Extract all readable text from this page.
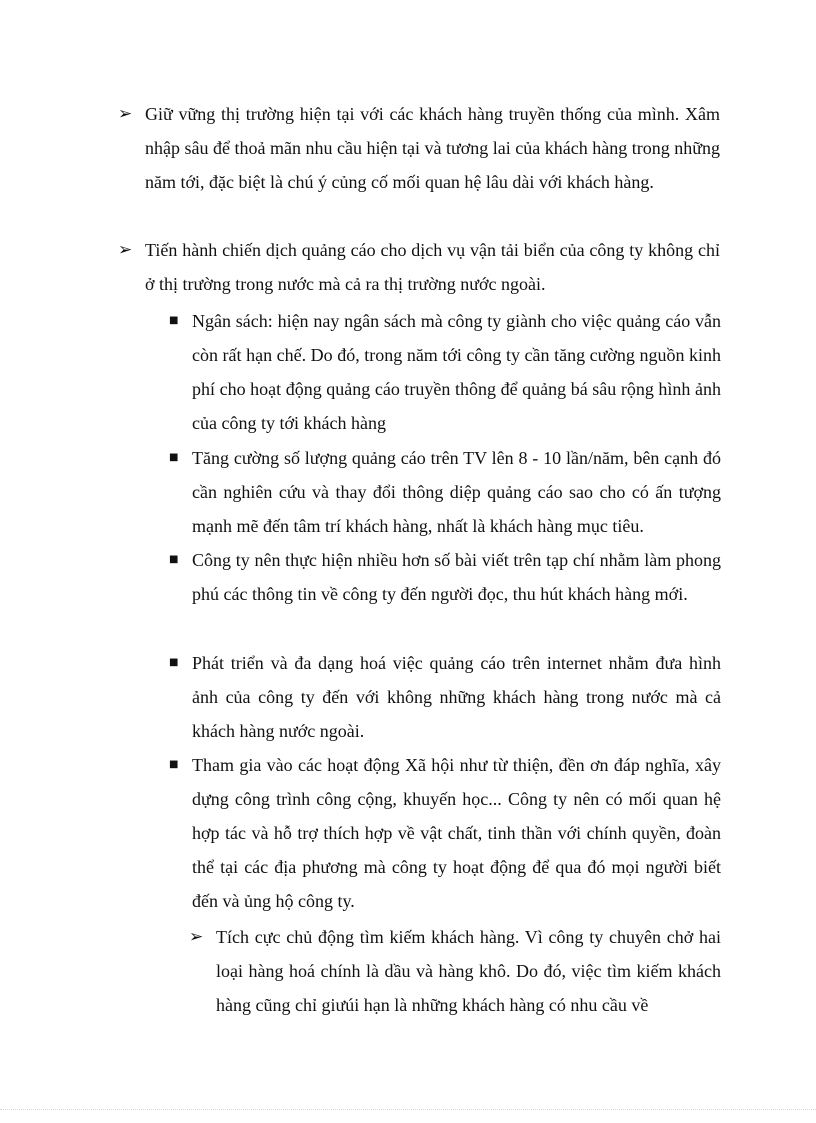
➢ Giữ vững thị trường hiện tại với các khách hàng truyền thống của mình. Xâm nhập sâu để thoả mãn nhu cầu hiện tại và tương lai của khách hàng trong những năm tới, đặc biệt là chú ý củng cố mối quan hệ lâu dài với khách hàng.
➢ Tiến hành chiến dịch quảng cáo cho dịch vụ vận tải biển của công ty không chỉ ở thị trường trong nước mà cả ra thị trường nước ngoài.
■ Ngân sách: hiện nay ngân sách mà công ty giành cho việc quảng cáo vẫn còn rất hạn chế. Do đó, trong năm tới công ty cần tăng cường nguồn kinh phí cho hoạt động quảng cáo truyền thông để quảng bá sâu rộng hình ảnh của công ty tới khách hàng
■ Tăng cường số lượng quảng cáo trên TV lên 8 - 10 lần/năm, bên cạnh đó cần nghiên cứu và thay đổi thông diệp quảng cáo sao cho có ấn tượng mạnh mẽ đến tâm trí khách hàng, nhất là khách hàng mục tiêu.
■ Công ty nên thực hiện nhiều hơn số bài viết trên tạp chí nhằm làm phong phú các thông tin về công ty đến người đọc, thu hút khách hàng mới.
■ Phát triển và đa dạng hoá việc quảng cáo trên internet nhằm đưa hình ảnh của công ty đến với không những khách hàng trong nước mà cả khách hàng nước ngoài.
■ Tham gia vào các hoạt động Xã hội như từ thiện, đền ơn đáp nghĩa, xây dựng công trình công cộng, khuyến học... Công ty nên có mối quan hệ hợp tác và hỗ trợ thích hợp về vật chất, tinh thần với chính quyền, đoàn thể tại các địa phương mà công ty hoạt động để qua đó mọi người biết đến và ủng hộ công ty.
➢ Tích cực chủ động tìm kiếm khách hàng. Vì công ty chuyên chở hai loại hàng hoá chính là dầu và hàng khô. Do đó, việc tìm kiếm khách hàng cũng chỉ giưúi hạn là những khách hàng có nhu cầu về
